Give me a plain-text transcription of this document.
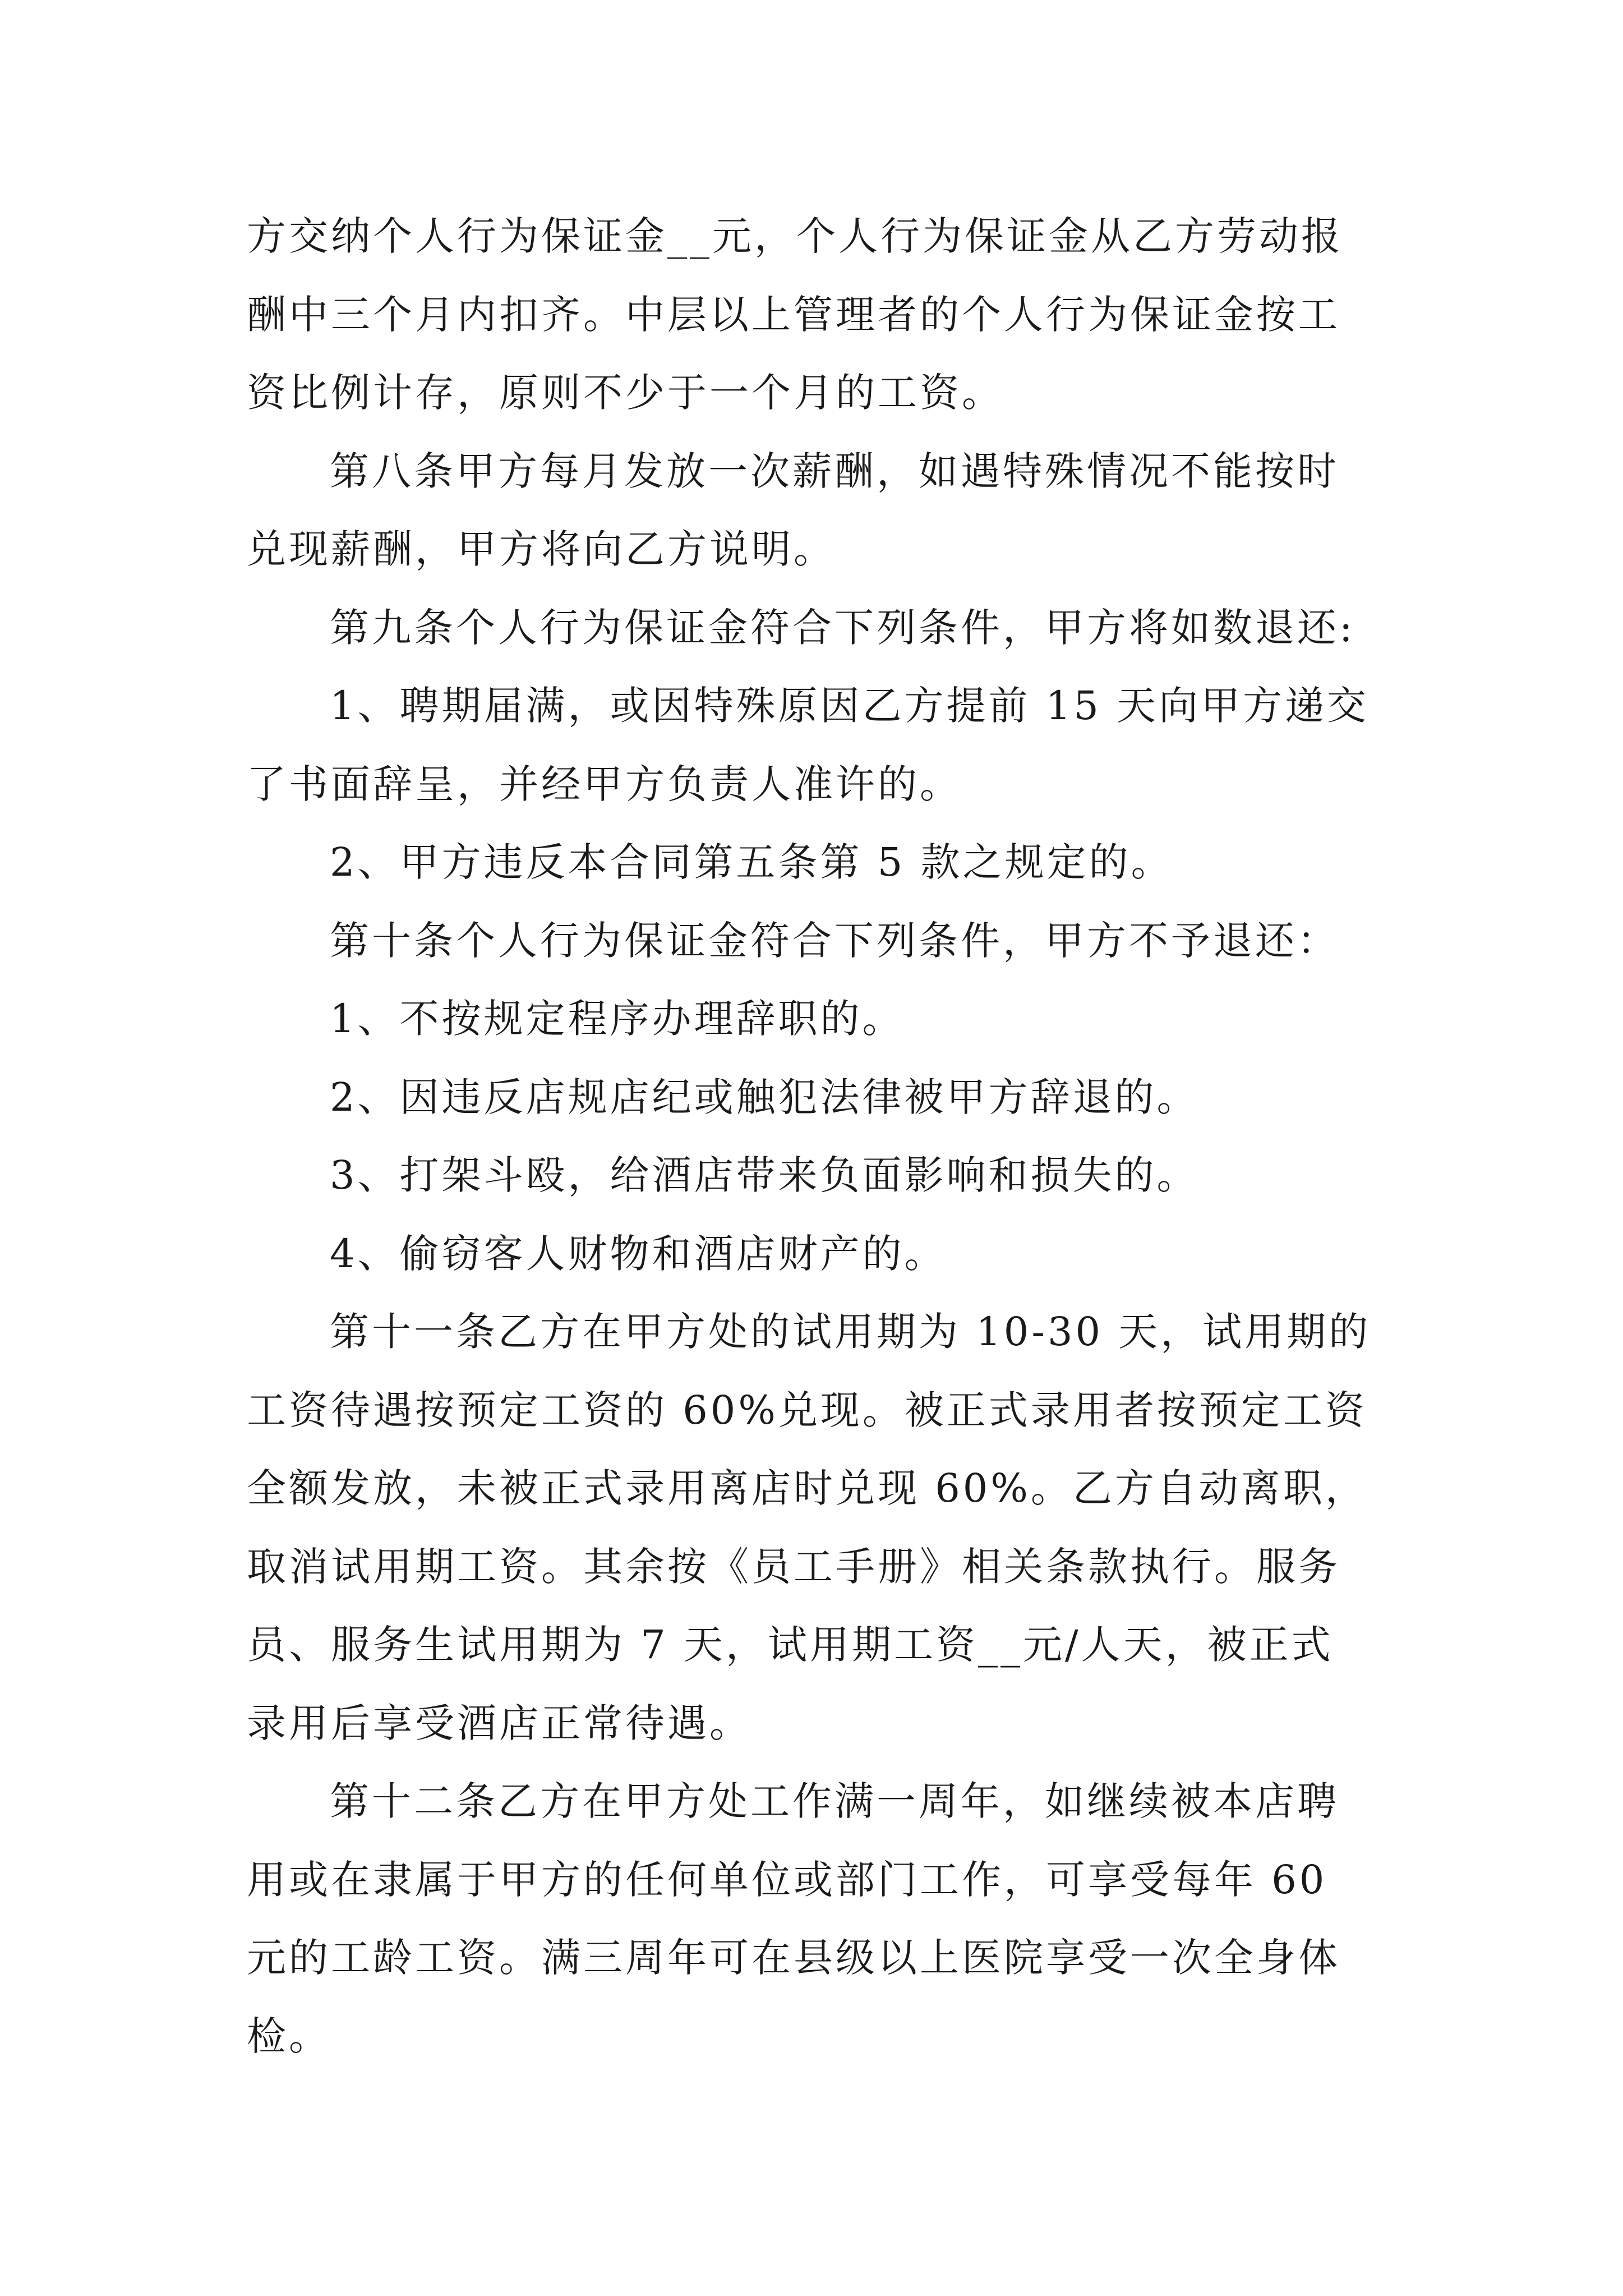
方交纳个人行为保证金__元，个人行为保证金从乙方劳动报
酬中三个月内扣齐。中层以上管理者的个人行为保证金按工
资比例计存，原则不少于一个月的工资。
第八条甲方每月发放一次薪酬，如遇特殊情况不能按时
兑现薪酬，甲方将向乙方说明。
第九条个人行为保证金符合下列条件，甲方将如数退还:
1、聘期届满，或因特殊原因乙方提前 15 天向甲方递交
了书面辞呈，并经甲方负责人准许的。
2、甲方违反本合同第五条第 5 款之规定的。
第十条个人行为保证金符合下列条件，甲方不予退还：
1、不按规定程序办理辞职的。
2、因违反店规店纪或触犯法律被甲方辞退的。
3、打架斗殴，给酒店带来负面影响和损失的。
4、偷窃客人财物和酒店财产的。
第十一条乙方在甲方处的试用期为 10-30 天，试用期的
工资待遇按预定工资的 60%兑现。被正式录用者按预定工资
全额发放，未被正式录用离店时兑现 60%。乙方自动离职，
取消试用期工资。其余按《员工手册》相关条款执行。服务
员、服务生试用期为 7 天，试用期工资__元/人天，被正式
录用后享受酒店正常待遇。
第十二条乙方在甲方处工作满一周年，如继续被本店聘
用或在隶属于甲方的任何单位或部门工作，可享受每年 60
元的工龄工资。满三周年可在县级以上医院享受一次全身体
检。
